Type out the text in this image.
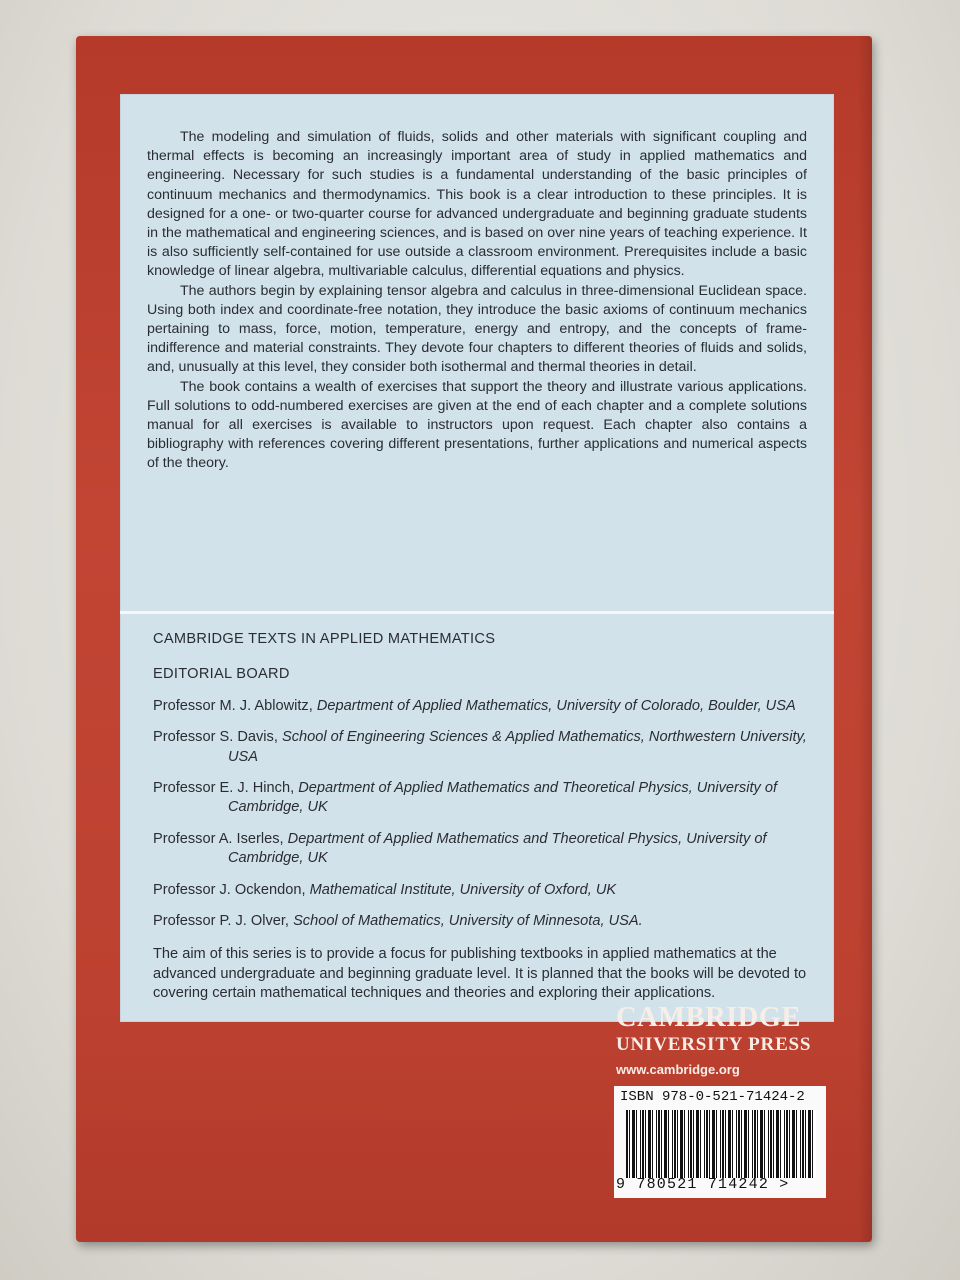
The modeling and simulation of fluids, solids and other materials with significant coupling and thermal effects is becoming an increasingly important area of study in applied mathematics and engineering. Necessary for such studies is a fundamental understanding of the basic principles of continuum mechanics and thermodynamics. This book is a clear introduction to these principles. It is designed for a one- or two-quarter course for advanced undergraduate and beginning graduate students in the mathematical and engineering sciences, and is based on over nine years of teaching experience. It is also sufficiently self-contained for use outside a classroom environment. Prerequisites include a basic knowledge of linear algebra, multivariable calculus, differential equations and physics.

The authors begin by explaining tensor algebra and calculus in three-dimensional Euclidean space. Using both index and coordinate-free notation, they introduce the basic axioms of continuum mechanics pertaining to mass, force, motion, temperature, energy and entropy, and the concepts of frame-indifference and material constraints. They devote four chapters to different theories of fluids and solids, and, unusually at this level, they consider both isothermal and thermal theories in detail.

The book contains a wealth of exercises that support the theory and illustrate various applications. Full solutions to odd-numbered exercises are given at the end of each chapter and a complete solutions manual for all exercises is available to instructors upon request. Each chapter also contains a bibliography with references covering different presentations, further applications and numerical aspects of the theory.

CAMBRIDGE TEXTS IN APPLIED MATHEMATICS

EDITORIAL BOARD

Professor M. J. Ablowitz, Department of Applied Mathematics, University of Colorado, Boulder, USA
Professor S. Davis, School of Engineering Sciences & Applied Mathematics, Northwestern University, USA
Professor E. J. Hinch, Department of Applied Mathematics and Theoretical Physics, University of Cambridge, UK
Professor A. Iserles, Department of Applied Mathematics and Theoretical Physics, University of Cambridge, UK
Professor J. Ockendon, Mathematical Institute, University of Oxford, UK
Professor P. J. Olver, School of Mathematics, University of Minnesota, USA.

The aim of this series is to provide a focus for publishing textbooks in applied mathematics at the advanced undergraduate and beginning graduate level. It is planned that the books will be devoted to covering certain mathematical techniques and theories and exploring their applications.

CAMBRIDGE
UNIVERSITY PRESS
www.cambridge.org
ISBN 978-0-521-71424-2
9 780521 714242 >
